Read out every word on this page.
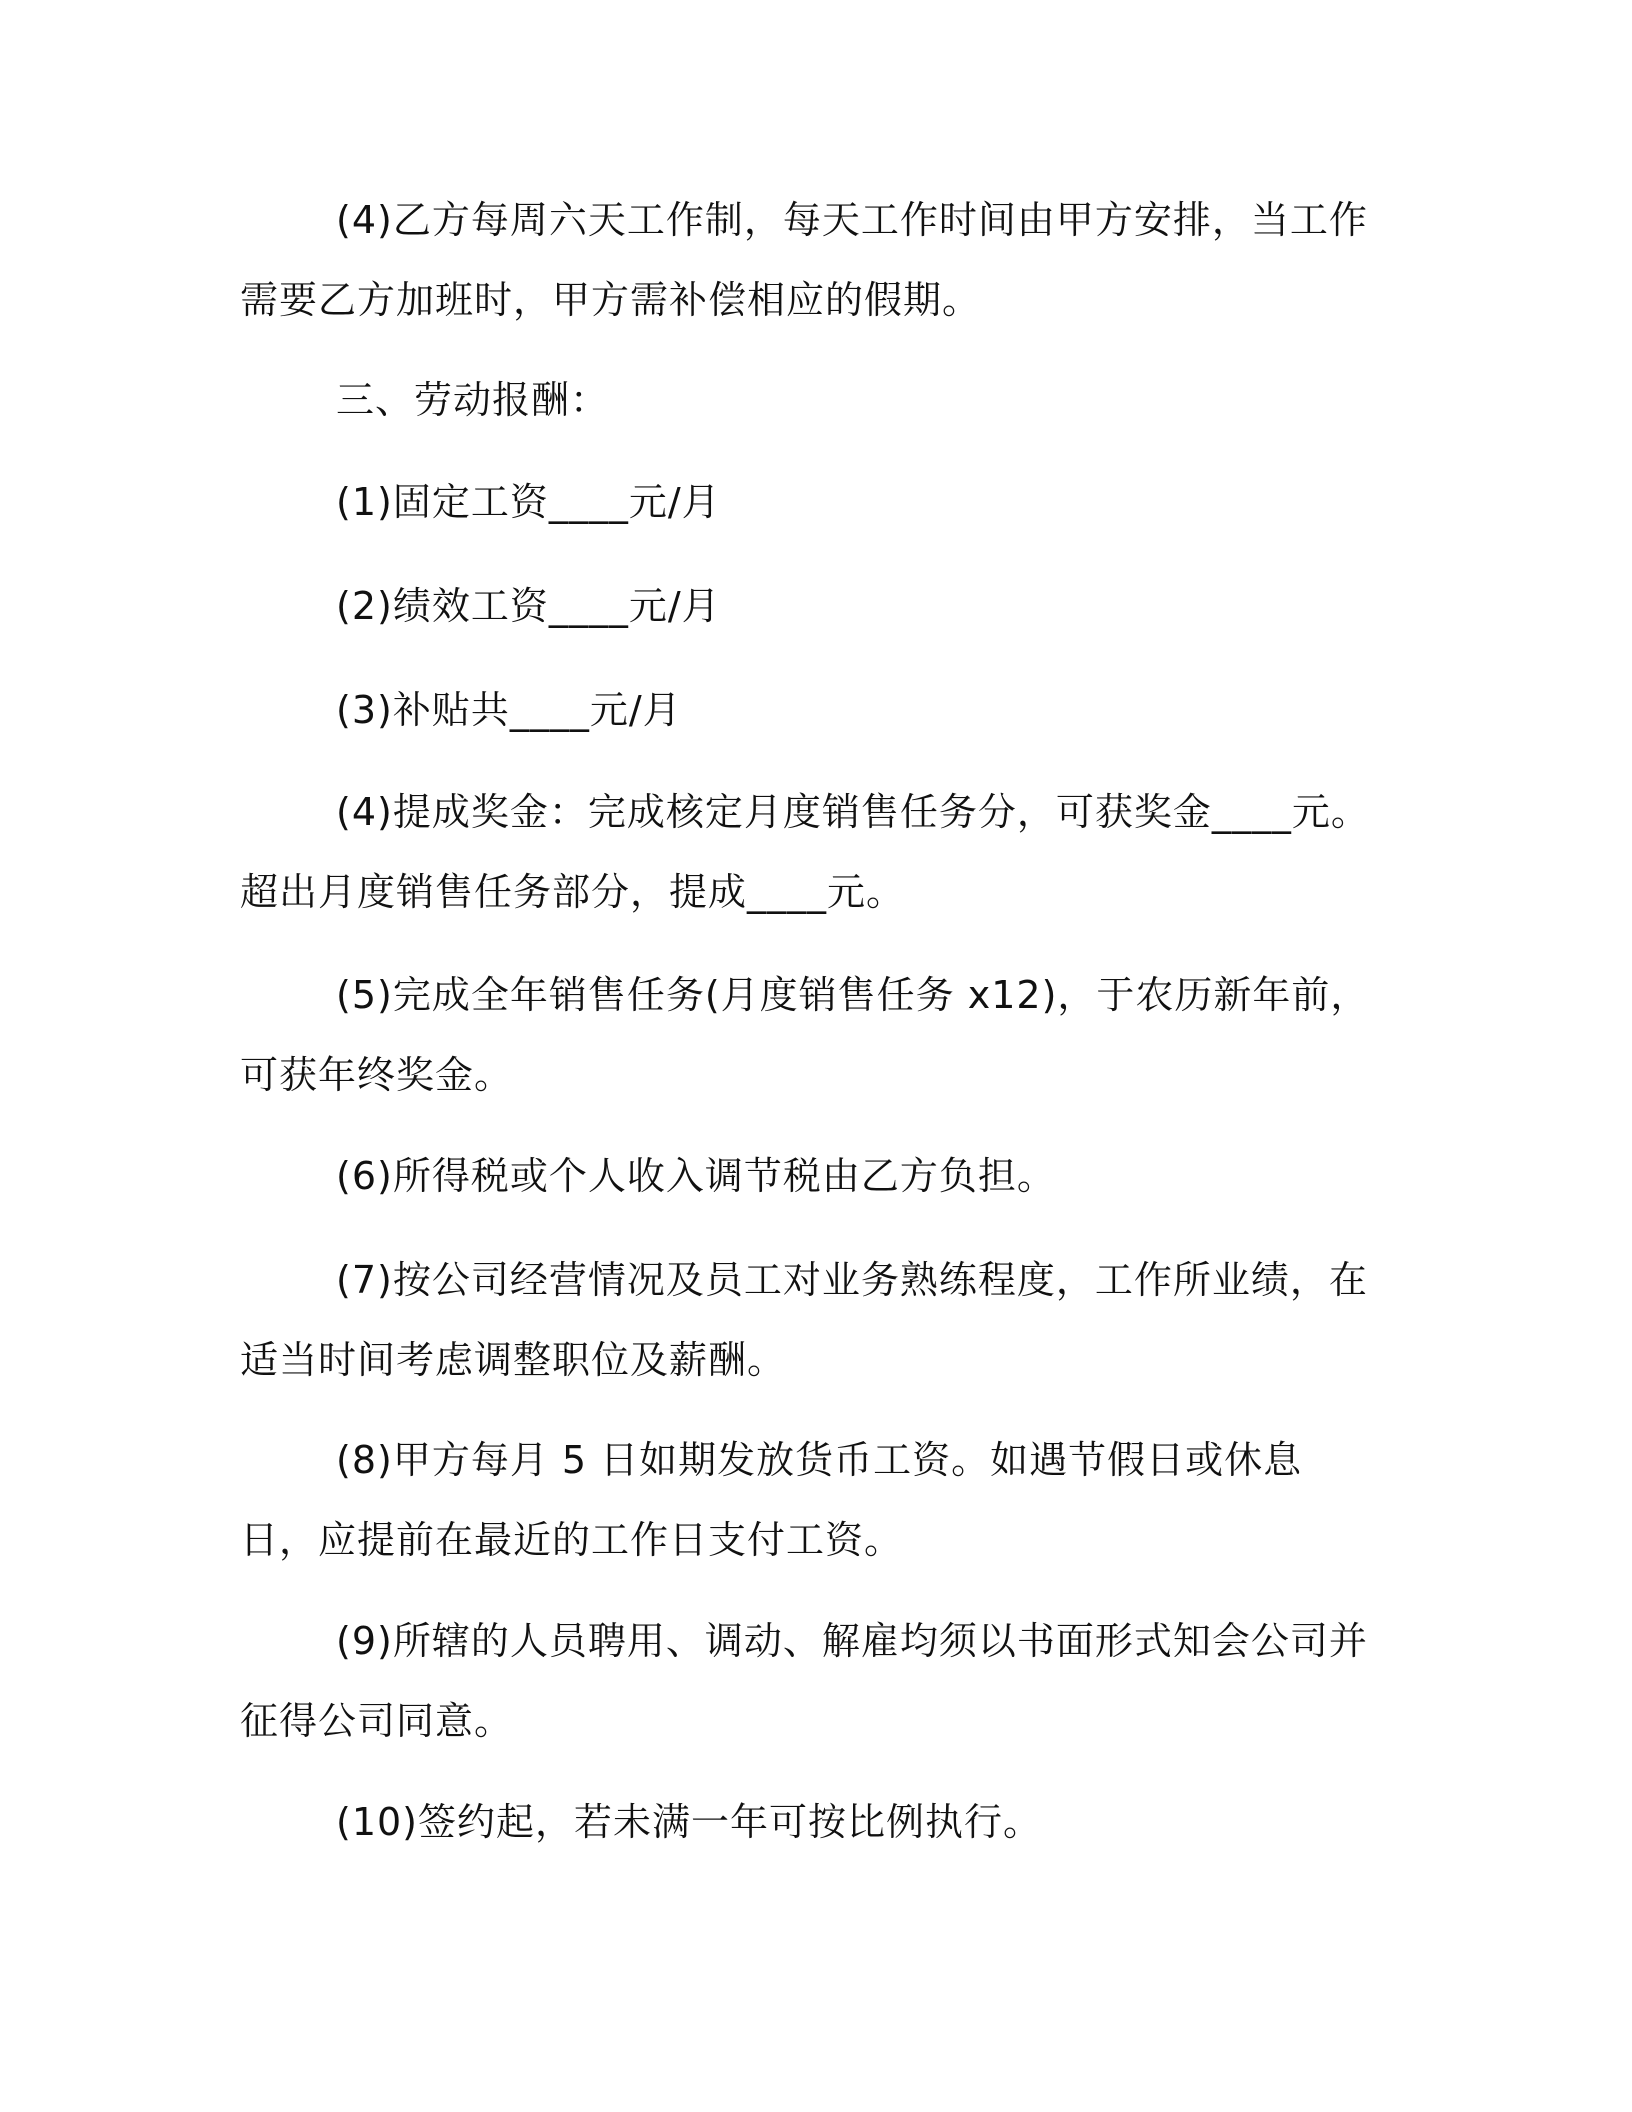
(4)乙方每周六天工作制，每天工作时间由甲方安排，当工作需要乙方加班时，甲方需补偿相应的假期。

三、劳动报酬：

(1)固定工资____元/月

(2)绩效工资____元/月

(3)补贴共____元/月

(4)提成奖金：完成核定月度销售任务分，可获奖金____元。超出月度销售任务部分，提成____元。

(5)完成全年销售任务(月度销售任务 x12)，于农历新年前，可获年终奖金。

(6)所得税或个人收入调节税由乙方负担。

(7)按公司经营情况及员工对业务熟练程度，工作所业绩，在适当时间考虑调整职位及薪酬。

(8)甲方每月 5 日如期发放货币工资。如遇节假日或休息日，应提前在最近的工作日支付工资。

(9)所辖的人员聘用、调动、解雇均须以书面形式知会公司并征得公司同意。

(10)签约起，若未满一年可按比例执行。
